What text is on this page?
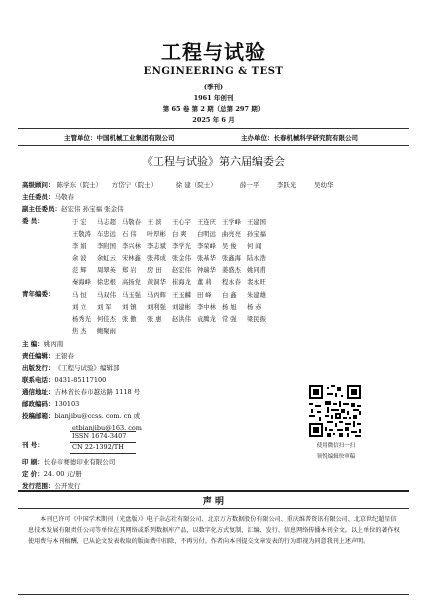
工程与试验
ENGINEERING & TEST
(季刊)
1961 年创刊
第 65 卷 第 2 期（总第 297 期）
2025 年 6 月
主管单位：中国机械工业集团有限公司	主办单位：长春机械科学研究院有限公司
《工程与试验》第六届编委会
高级顾问： 陈学东（院士） 方岱宁（院士）	徐 建（院士）	薛一平	李跃光	吴幼华
主任委员：马敬春
副主任委员：赵宏伟 孙宝福 张金伟
委 员：	于 宏	马志超 马敬春 王 滨	王心宇 王连庆 王学峰 王建国
王敬涛 车忠远 石 伟	叶厚彬 白 爽	白明远 曲亮亮 孙宝福
李 娟	李附国 李兴林 李志斌 李学光 李荣峰 吴 俊	何 闻
余 波	余虹云 宋林鑫 张邦成 张金伟 张基华 张鑫海 陆永浩
范 辉	周翠英 郑 岩	房 田	赵宏伟 钟瑞华 姜盛杰 姚同甫
秦海峰 徐忠根 高扬党 黄洞华 崔海龙 董 莉	程永春 裴永旺
青年编委：	马 恒	马双伟 马玉强 马丙辉 王玉麟 田 峰	白 鑫	朱建雄
刘 立	刘 军	刘 镇	刘利强 刘建彬 李中林 杨 旭	杨 赤
杨秀光 何佳杰 张 傲	张 惠	赵洪伟 袁腾龙 常 强	梁民振
焦 杰	鲍聚雨
主 编：姚丙南
责任编辑：王银春
出版发行：《工程与试验》编辑部
联系电话：0431-85117100
通信地址：吉林省长春市越达路 1118 号
邮政编码：130103
投稿邮箱：bianjibu@ccss. com. cn 或
etbianjibu@163. com
刊 号：
ISSN 1674-3407
CN 22-1392/TH
印 刷：长春市赛德印业有限公司
定 价：24. 00 元/册
发行范围：公开发行
使用微信扫一扫
领悦编辑快审稿
声 明
本刊已许可《中国学术期刊（光盘版）》电子杂志社有限公司、北京万方数据股份有限公司、重庆维普资讯有限公司、北京世纪超星信息技术发展有限责任公司等单位在其网络或系列数据库产品，以数字化方式复制、汇编、发行、信息网络传播本刊全文。以上单位的著作权使用费与本刊稿酬，已从论文发表收取的版面费中扣除，不再另付。作者向本刊提交文章发表的行为即视为同意我刊上述声明。
